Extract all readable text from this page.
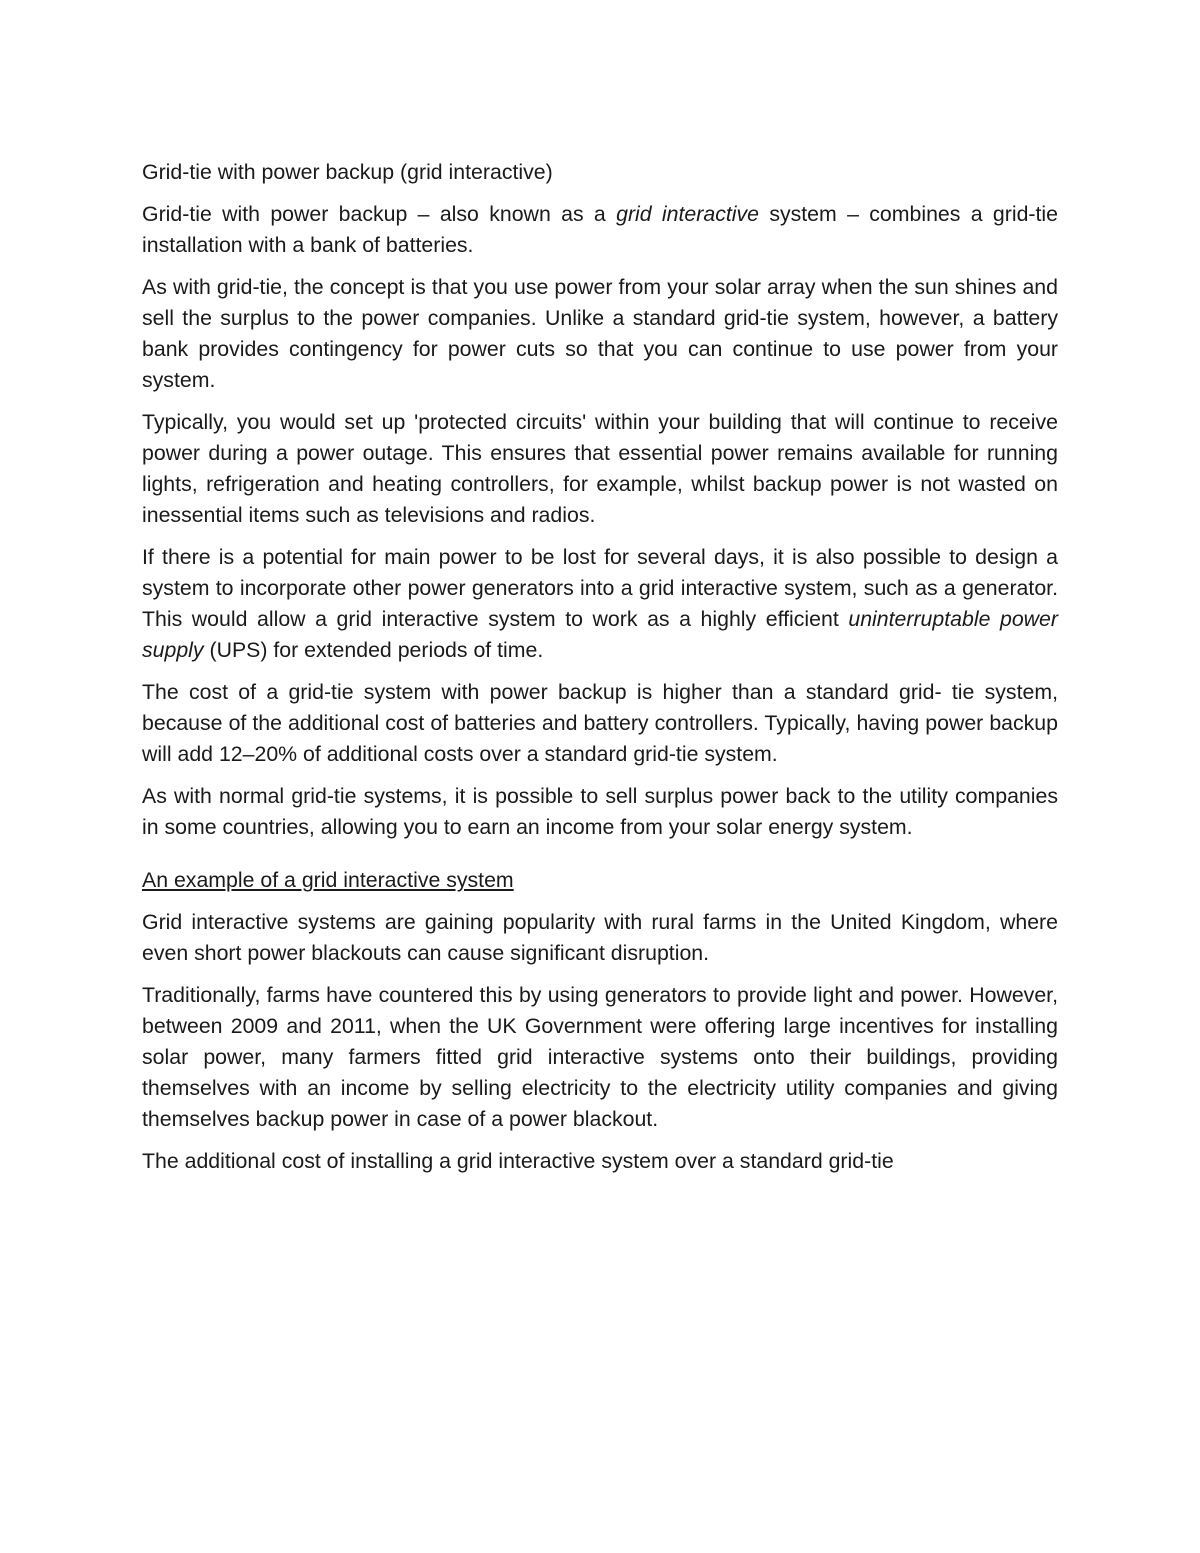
Grid-tie with power backup (grid interactive)

Grid-tie with power backup – also known as a grid interactive system – combines a grid-tie installation with a bank of batteries.

As with grid-tie, the concept is that you use power from your solar array when the sun shines and sell the surplus to the power companies. Unlike a standard grid-tie system, however, a battery bank provides contingency for power cuts so that you can continue to use power from your system.

Typically, you would set up 'protected circuits' within your building that will continue to receive power during a power outage. This ensures that essential power remains available for running lights, refrigeration and heating controllers, for example, whilst backup power is not wasted on inessential items such as televisions and radios.

If there is a potential for main power to be lost for several days, it is also possible to design a system to incorporate other power generators into a grid interactive system, such as a generator. This would allow a grid interactive system to work as a highly efficient uninterruptable power supply (UPS) for extended periods of time.

The cost of a grid-tie system with power backup is higher than a standard grid- tie system, because of the additional cost of batteries and battery controllers. Typically, having power backup will add 12–20% of additional costs over a standard grid-tie system.

As with normal grid-tie systems, it is possible to sell surplus power back to the utility companies in some countries, allowing you to earn an income from your solar energy system.

An example of a grid interactive system

Grid interactive systems are gaining popularity with rural farms in the United Kingdom, where even short power blackouts can cause significant disruption.

Traditionally, farms have countered this by using generators to provide light and power. However, between 2009 and 2011, when the UK Government were offering large incentives for installing solar power, many farmers fitted grid interactive systems onto their buildings, providing themselves with an income by selling electricity to the electricity utility companies and giving themselves backup power in case of a power blackout.

The additional cost of installing a grid interactive system over a standard grid-tie
